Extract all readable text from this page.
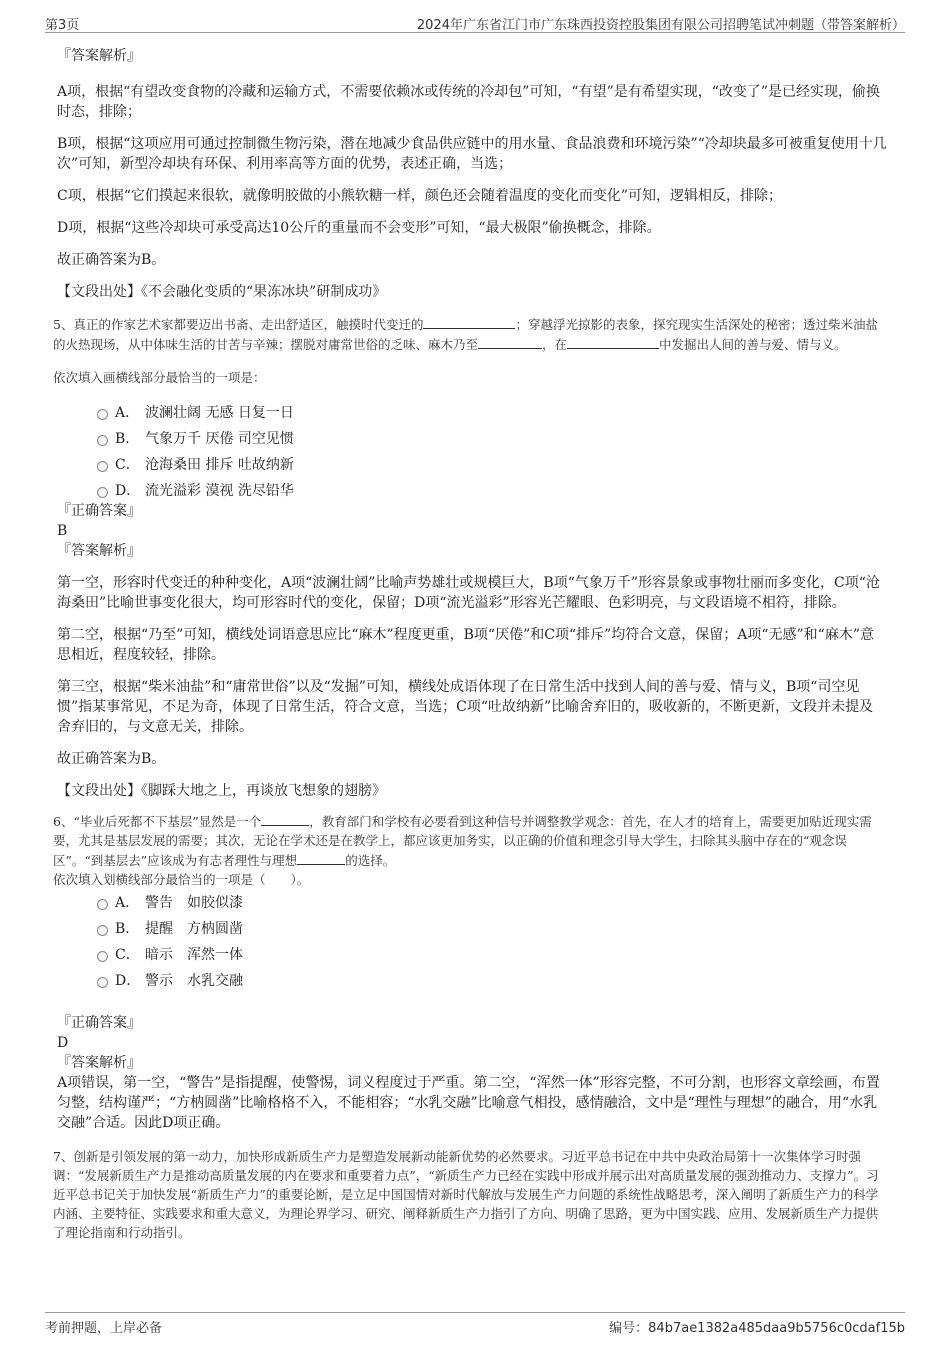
第3页	2024年广东省江门市广东珠西投资控股集团有限公司招聘笔试冲刺题（带答案解析）

『答案解析』

A项，根据“有望改变食物的冷藏和运输方式，不需要依赖冰或传统的冷却包”可知，“有望”是有希望实现，“改变了”是已经实现，偷换时态，排除；

B项，根据“这项应用可通过控制微生物污染，潜在地减少食品供应链中的用水量、食品浪费和环境污染”“冷却块最多可被重复使用十几次”可知，新型冷却块有环保、利用率高等方面的优势，表述正确，当选；

C项，根据“它们摸起来很软，就像明胶做的小熊软糖一样，颜色还会随着温度的变化而变化”可知，逻辑相反，排除；

D项，根据“这些冷却块可承受高达10公斤的重量而不会变形”可知，“最大极限”偷换概念，排除。

故正确答案为B。

【文段出处】《不会融化变质的“果冻冰块”研制成功》

5、真正的作家艺术家都要迈出书斋、走出舒适区，触摸时代变迁的	；穿越浮光掠影的表象，探究现实生活深处的秘密；透过柴米油盐的火热现场，从中体味生活的甘苦与辛辣；摆脱对庸常世俗的乏味、麻木乃至	，在	中发掘出人间的善与爱、情与义。

依次填入画横线部分最恰当的一项是：

A． 波澜壮阔 无感 日复一日
B． 气象万千 厌倦 司空见惯
C． 沧海桑田 排斥 吐故纳新
D． 流光溢彩 漠视 洗尽铅华

『正确答案』

B

『答案解析』

第一空，形容时代变迁的种种变化，A项“波澜壮阔”比喻声势雄壮或规模巨大，B项“气象万千”形容景象或事物壮丽而多变化，C项“沧海桑田”比喻世事变化很大，均可形容时代的变化，保留；D项“流光溢彩”形容光芒耀眼、色彩明亮，与文段语境不相符，排除。

第二空，根据“乃至”可知，横线处词语意思应比“麻木”程度更重，B项“厌倦”和C项“排斥”均符合文意，保留；A项“无感”和“麻木”意思相近，程度较轻，排除。

第三空，根据“柴米油盐”和“庸常世俗”以及“发掘”可知，横线处成语体现了在日常生活中找到人间的善与爱、情与义，B项“司空见惯”指某事常见，不足为奇，体现了日常生活，符合文意，当选；C项“吐故纳新”比喻舍弃旧的，吸收新的，不断更新，文段并未提及舍弃旧的，与文意无关，排除。

故正确答案为B。

【文段出处】《脚踩大地之上，再谈放飞想象的翅膀》

6、“毕业后死都不下基层”显然是一个	，教育部门和学校有必要看到这种信号并调整教学观念：首先，在人才的培育上，需要更加贴近现实需要，尤其是基层发展的需要；其次，无论在学术还是在教学上，都应该更加务实，以正确的价值和理念引导大学生，扫除其头脑中存在的“观念误区”。“到基层去”应该成为有志者理性与理想	的选择。

依次填入划横线部分最恰当的一项是（　　）。

A． 警告　如胶似漆
B． 提醒　方枘圆凿
C． 暗示　浑然一体
D． 警示　水乳交融

『正确答案』

D

『答案解析』

A项错误，第一空，“警告”是指提醒，使警惕，词义程度过于严重。第二空，“浑然一体”形容完整，不可分割，也形容文章绘画，布置匀整，结构谨严；“方枘圆凿”比喻格格不入，不能相容；“水乳交融”比喻意气相投，感情融洽，文中是“理性与理想”的融合，用“水乳交融”合适。因此D项正确。

7、创新是引领发展的第一动力，加快形成新质生产力是塑造发展新动能新优势的必然要求。习近平总书记在中共中央政治局第十一次集体学习时强调：“发展新质生产力是推动高质量发展的内在要求和重要着力点”，“新质生产力已经在实践中形成并展示出对高质量发展的强劲推动力、支撑力”。习近平总书记关于加快发展“新质生产力”的重要论断，是立足中国国情对新时代解放与发展生产力问题的系统性战略思考，深入阐明了新质生产力的科学内涵、主要特征、实践要求和重大意义，为理论界学习、研究、阐释新质生产力指引了方向、明确了思路，更为中国实践、应用、发展新质生产力提供了理论指南和行动指引。

考前押题，上岸必备	编号：84b7ae1382a485daa9b5756c0cdaf15b
